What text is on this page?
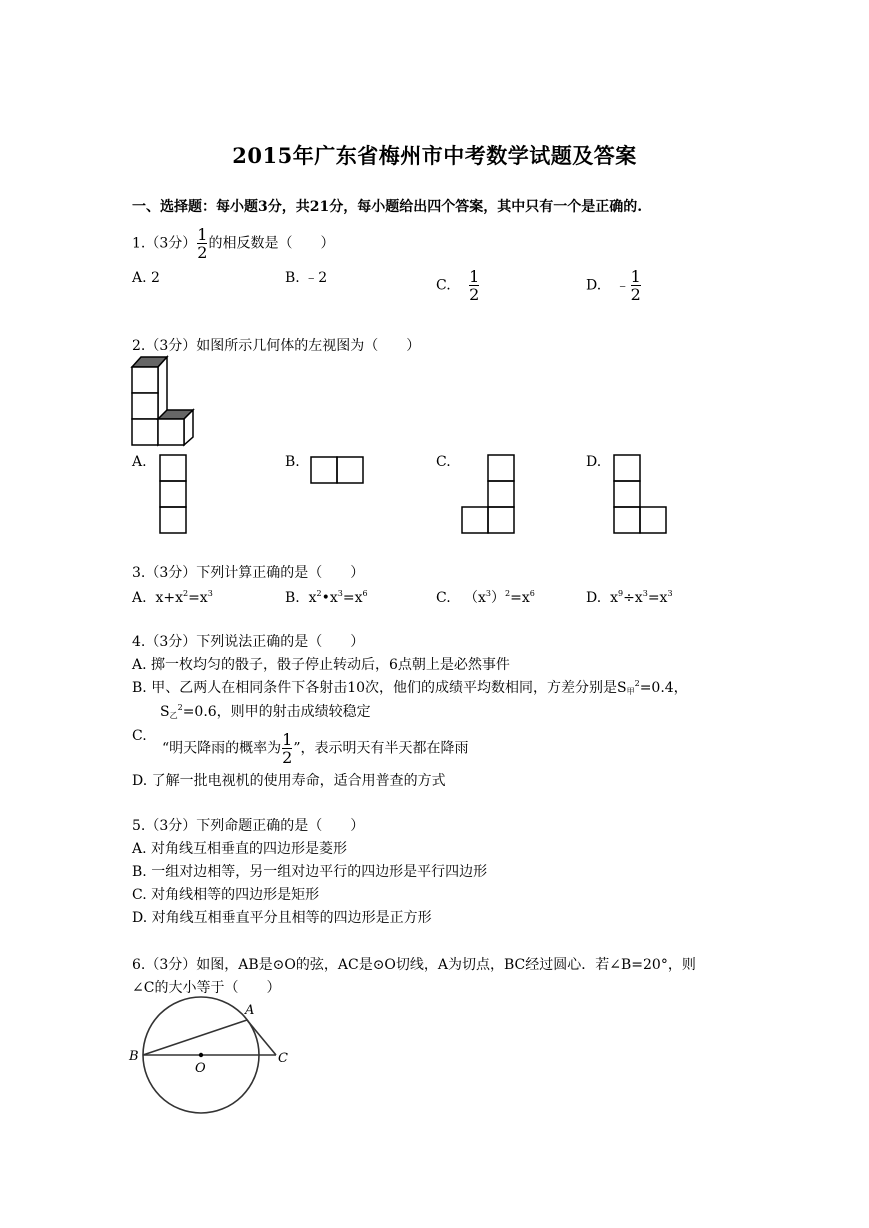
2015年广东省梅州市中考数学试题及答案
一、选择题：每小题3分，共21分，每小题给出四个答案，其中只有一个是正确的.
1.（3分） $\frac{1}{2}$ 的相反数是（　　）
A. 2	B. ﹣2	C. $\frac{1}{2}$	D. ﹣ $\frac{1}{2}$
2.（3分）如图所示几何体的左视图为（　　）
A.	B.	C.	D.
3.（3分）下列计算正确的是（　　）
A.  $x+x^2=x^3$	B.  $x^2•x^3=x^6$	C.   $(x^3)^2=x^6$	D.  $x^9\div x^3=x^3$
4.（3分）下列说法正确的是（　　）
A. 掷一枚均匀的骰子，骰子停止转动后，6点朝上是必然事件
B. 甲、乙两人在相同条件下各射击10次，他们的成绩平均数相同，方差分别是$S_甲^2=0.4$，
$S_乙^2=0.6$，则甲的射击成绩较稳定
C.
“明天降雨的概率为 $\frac{1}{2}$ ”，表示明天有半天都在降雨
D. 了解一批电视机的使用寿命，适合用普查的方式
5.（3分）下列命题正确的是（　　）
A. 对角线互相垂直的四边形是菱形
B. 一组对边相等，另一组对边平行的四边形是平行四边形
C. 对角线相等的四边形是矩形
D. 对角线互相垂直平分且相等的四边形是正方形
6.（3分）如图，AB是⊙O的弦，AC是⊙O切线，A为切点，BC经过圆心．若∠B=20°，则
∠C的大小等于（　　）
A
B	C
O
